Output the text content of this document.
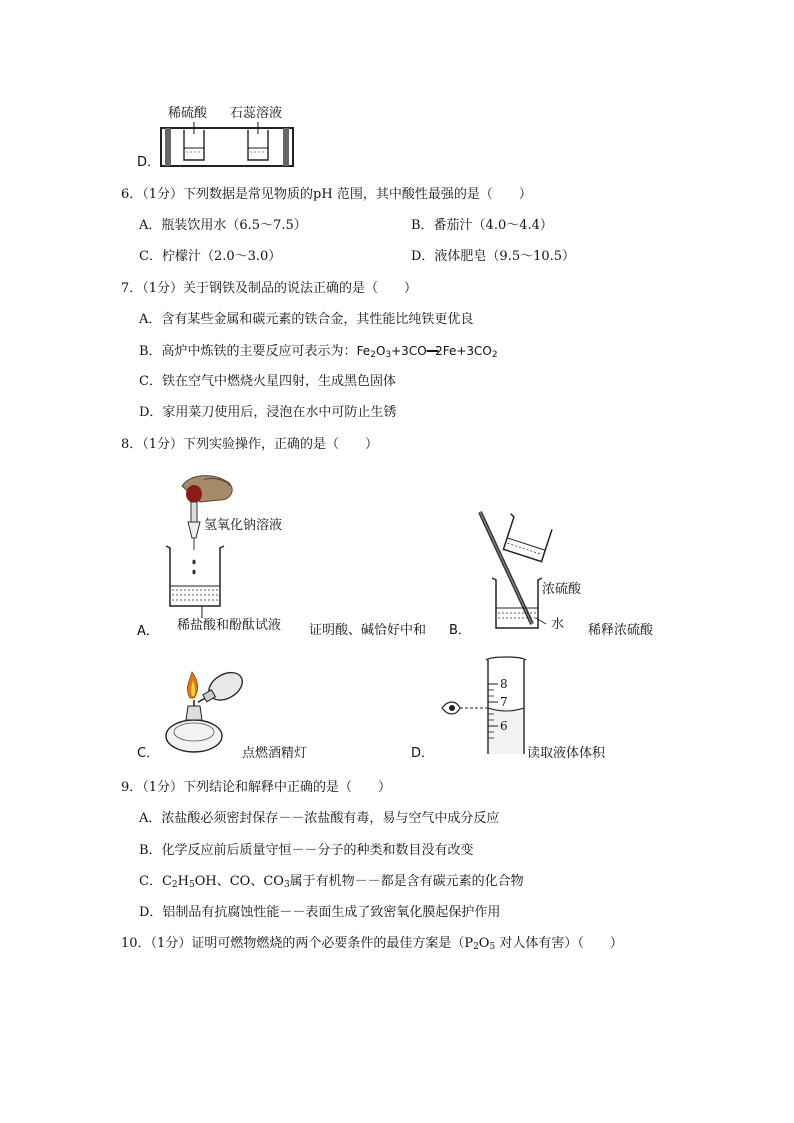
D．
稀硫酸 石蕊溶液
6．（1分）下列数据是常见物质的pH 范围，其中酸性最强的是（　　）
A．瓶装饮用水（6.5～7.5）	B．番茄汁（4.0～4.4）
C．柠檬汁（2.0～3.0）	D．液体肥皂（9.5～10.5）
7．（1分）关于钢铁及制品的说法正确的是（　　）
A．含有某些金属和碳元素的铁合金，其性能比纯铁更优良
B．高炉中炼铁的主要反应可表示为：$Fe_2O_3+3CO━━2Fe+3CO_2$
C．铁在空气中燃烧火星四射，生成黑色固体
D．家用菜刀使用后，浸泡在水中可防止生锈
8．（1分）下列实验操作，正确的是（　　）
氢氧化钠溶液
稀盐酸和酚酞试液
A．	证明酸、碱恰好中和
浓硫酸
水
B．	稀释浓硫酸
C．	点燃酒精灯
8
7
6
D．	读取液体体积
9．（1分）下列结论和解释中正确的是（　　）
A．浓盐酸必须密封保存－－浓盐酸有毒，易与空气中成分反应
B．化学反应前后质量守恒－－分子的种类和数目没有改变
C．$C_2H_5OH$、CO、$CO_3$属于有机物－－都是含有碳元素的化合物
D．铝制品有抗腐蚀性能－－表面生成了致密氧化膜起保护作用
10．（1分）证明可燃物燃烧的两个必要条件的最佳方案是（$P_2O_5$ 对人体有害）（　　）
